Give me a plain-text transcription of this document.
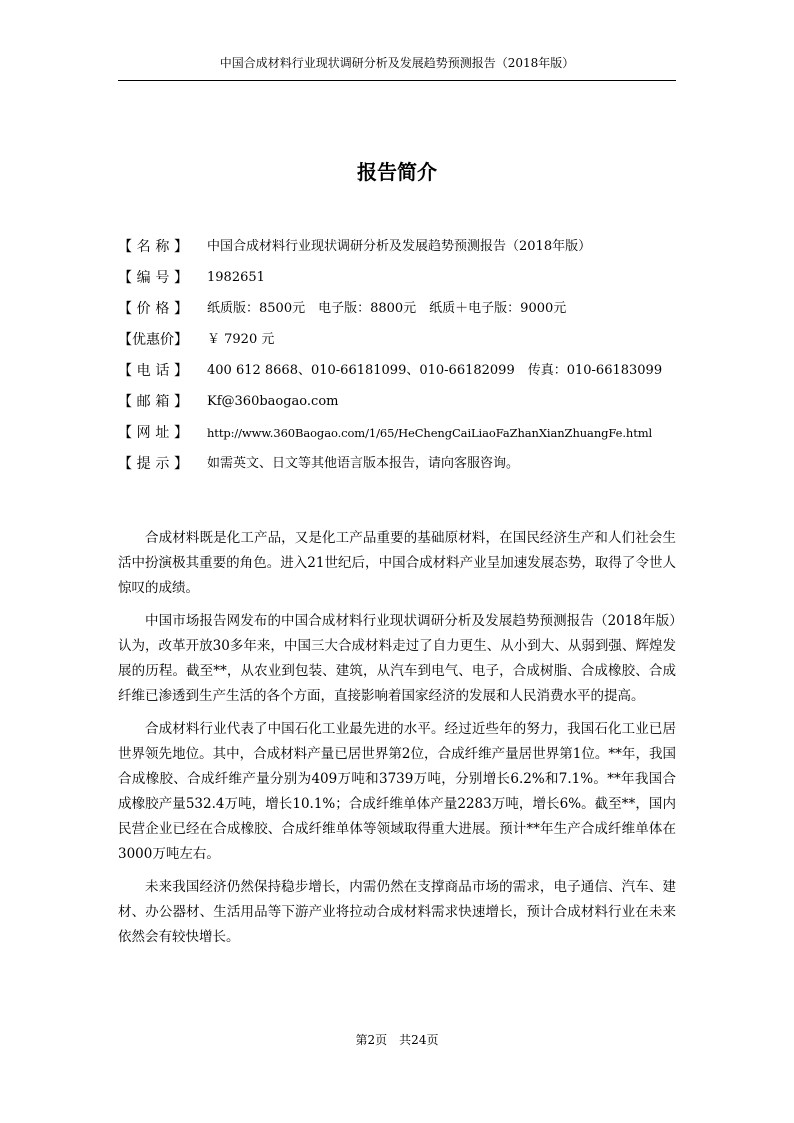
中国合成材料行业现状调研分析及发展趋势预测报告（2018年版）
报告简介
【 名 称 】 中国合成材料行业现状调研分析及发展趋势预测报告（2018年版）
【 编 号 】 1982651
【 价 格 】 纸质版：8500元　电子版：8800元　纸质＋电子版：9000元
【 优惠价 】 ￥ 7920 元
【 电 话 】 400 612 8668、010-66181099、010-66182099　传真：010-66183099
【 邮 箱 】 Kf@360baogao.com
【 网 址 】 http://www.360Baogao.com/1/65/HeChengCaiLiaoFaZhanXianZhuangFe.html
【 提 示 】 如需英文、日文等其他语言版本报告，请向客服咨询。

合成材料既是化工产品，又是化工产品重要的基础原材料，在国民经济生产和人们社会生活中扮演极其重要的角色。进入21世纪后，中国合成材料产业呈加速发展态势，取得了令世人惊叹的成绩。

中国市场报告网发布的中国合成材料行业现状调研分析及发展趋势预测报告（2018年版）认为，改革开放30多年来，中国三大合成材料走过了自力更生、从小到大、从弱到强、辉煌发展的历程。截至**，从农业到包装、建筑，从汽车到电气、电子，合成树脂、合成橡胶、合成纤维已渗透到生产生活的各个方面，直接影响着国家经济的发展和人民消费水平的提高。

合成材料行业代表了中国石化工业最先进的水平。经过近些年的努力，我国石化工业已居世界领先地位。其中，合成材料产量已居世界第2位，合成纤维产量居世界第1位。**年，我国合成橡胶、合成纤维产量分别为409万吨和3739万吨，分别增长6.2%和7.1%。**年我国合成橡胶产量532.4万吨，增长10.1%；合成纤维单体产量2283万吨，增长6%。截至**，国内民营企业已经在合成橡胶、合成纤维单体等领域取得重大进展。预计**年生产合成纤维单体在3000万吨左右。

未来我国经济仍然保持稳步增长，内需仍然在支撑商品市场的需求，电子通信、汽车、建材、办公器材、生活用品等下游产业将拉动合成材料需求快速增长，预计合成材料行业在未来依然会有较快增长。

第2页　共24页
